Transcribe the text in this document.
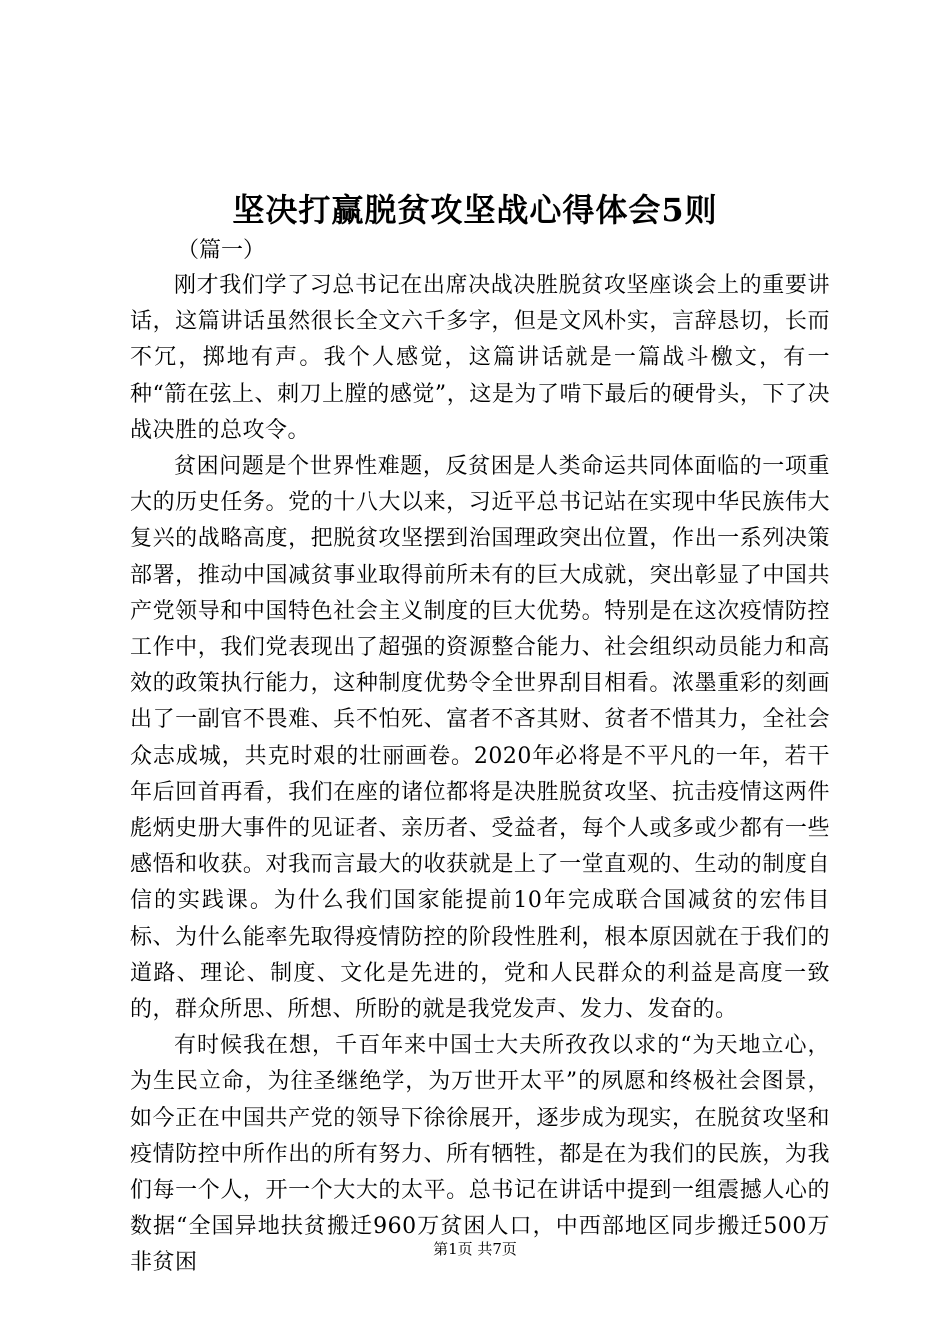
坚决打赢脱贫攻坚战心得体会5则
（篇一）

刚才我们学了习总书记在出席决战决胜脱贫攻坚座谈会上的重要讲话，这篇讲话虽然很长全文六千多字，但是文风朴实，言辞恳切，长而不冗，掷地有声。我个人感觉，这篇讲话就是一篇战斗檄文，有一种“箭在弦上、刺刀上膛的感觉”，这是为了啃下最后的硬骨头，下了决战决胜的总攻令。

贫困问题是个世界性难题，反贫困是人类命运共同体面临的一项重大的历史任务。党的十八大以来，习近平总书记站在实现中华民族伟大复兴的战略高度，把脱贫攻坚摆到治国理政突出位置，作出一系列决策部署，推动中国减贫事业取得前所未有的巨大成就，突出彰显了中国共产党领导和中国特色社会主义制度的巨大优势。特别是在这次疫情防控工作中，我们党表现出了超强的资源整合能力、社会组织动员能力和高效的政策执行能力，这种制度优势令全世界刮目相看。浓墨重彩的刻画出了一副官不畏难、兵不怕死、富者不吝其财、贫者不惜其力，全社会众志成城，共克时艰的壮丽画卷。2020年必将是不平凡的一年，若干年后回首再看，我们在座的诸位都将是决胜脱贫攻坚、抗击疫情这两件彪炳史册大事件的见证者、亲历者、受益者，每个人或多或少都有一些感悟和收获。对我而言最大的收获就是上了一堂直观的、生动的制度自信的实践课。为什么我们国家能提前10年完成联合国减贫的宏伟目标、为什么能率先取得疫情防控的阶段性胜利，根本原因就在于我们的道路、理论、制度、文化是先进的，党和人民群众的利益是高度一致的，群众所思、所想、所盼的就是我党发声、发力、发奋的。

有时候我在想，千百年来中国士大夫所孜孜以求的“为天地立心，为生民立命，为往圣继绝学，为万世开太平”的夙愿和终极社会图景，如今正在中国共产党的领导下徐徐展开，逐步成为现实，在脱贫攻坚和疫情防控中所作出的所有努力、所有牺牲，都是在为我们的民族，为我们每一个人，开一个大大的太平。总书记在讲话中提到一组震撼人心的数据“全国异地扶贫搬迁960万贫困人口，中西部地区同步搬迁500万非贫困

第1页 共7页
